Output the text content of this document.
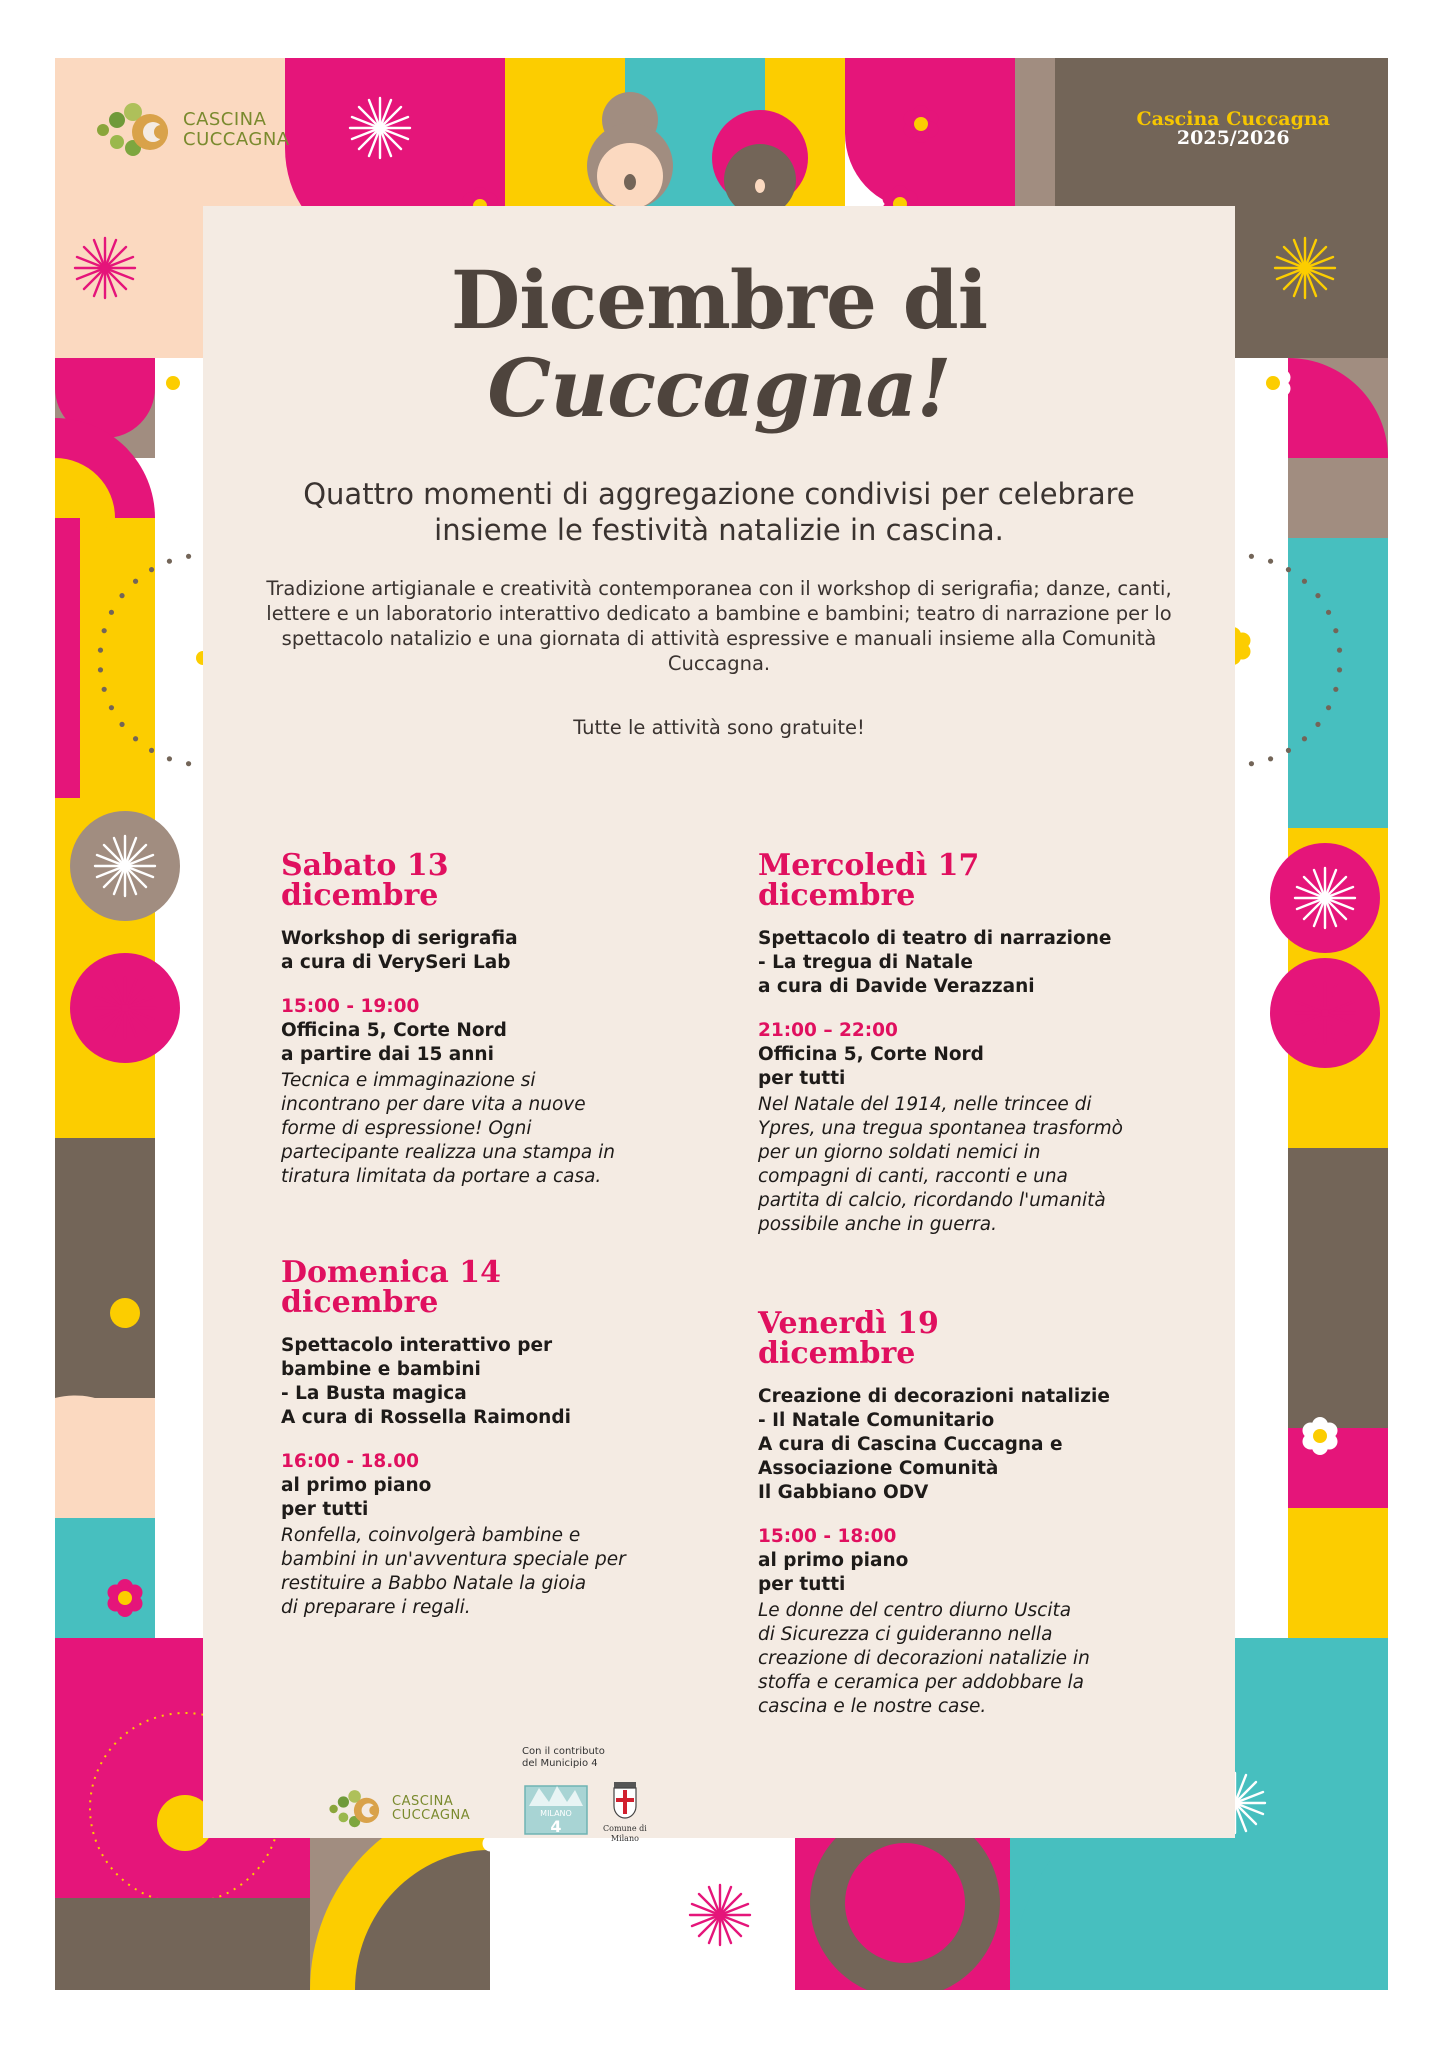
CASCINA
CUCCAGNA
Cascina Cuccagna
2025/2026
Dicembre di
Cuccagna!
Quattro momenti di aggregazione condivisi per celebrare insieme le festività natalizie in cascina.
Tradizione artigianale e creatività contemporanea con il workshop di serigrafia; danze, canti, lettere e un laboratorio interattivo dedicato a bambine e bambini; teatro di narrazione per lo spettacolo natalizio e una giornata di attività espressive e manuali insieme alla Comunità Cuccagna.
Tutte le attività sono gratuite!
Sabato 13
dicembre
Workshop di serigrafia
a cura di VerySeri Lab
15:00 - 19:00
Officina 5, Corte Nord
a partire dai 15 anni
Tecnica e immaginazione si
incontrano per dare vita a nuove
forme di espressione! Ogni
partecipante realizza una stampa in
tiratura limitata da portare a casa.
Domenica 14
dicembre
Spettacolo interattivo per
bambine e bambini
- La Busta magica
A cura di Rossella Raimondi
16:00 - 18.00
al primo piano
per tutti
Ronfella, coinvolgerà bambine e
bambini in un'avventura speciale per
restituire a Babbo Natale la gioia
di preparare i regali.
Mercoledì 17
dicembre
Spettacolo di teatro di narrazione
- La tregua di Natale
a cura di Davide Verazzani
21:00 – 22:00
Officina 5, Corte Nord
per tutti
Nel Natale del 1914, nelle trincee di
Ypres, una tregua spontanea trasformò
per un giorno soldati nemici in
compagni di canti, racconti e una
partita di calcio, ricordando l'umanità
possibile anche in guerra.
Venerdì 19
dicembre
Creazione di decorazioni natalizie
- Il Natale Comunitario
A cura di Cascina Cuccagna e
Associazione Comunità
Il Gabbiano ODV
15:00 - 18:00
al primo piano
per tutti
Le donne del centro diurno Uscita
di Sicurezza ci guideranno nella
creazione di decorazioni natalizie in
stoffa e ceramica per addobbare la
cascina e le nostre case.
Con il contributo
del Municipio 4
CASCINA
CUCCAGNA	MILANO
4	Comune di
Milano
